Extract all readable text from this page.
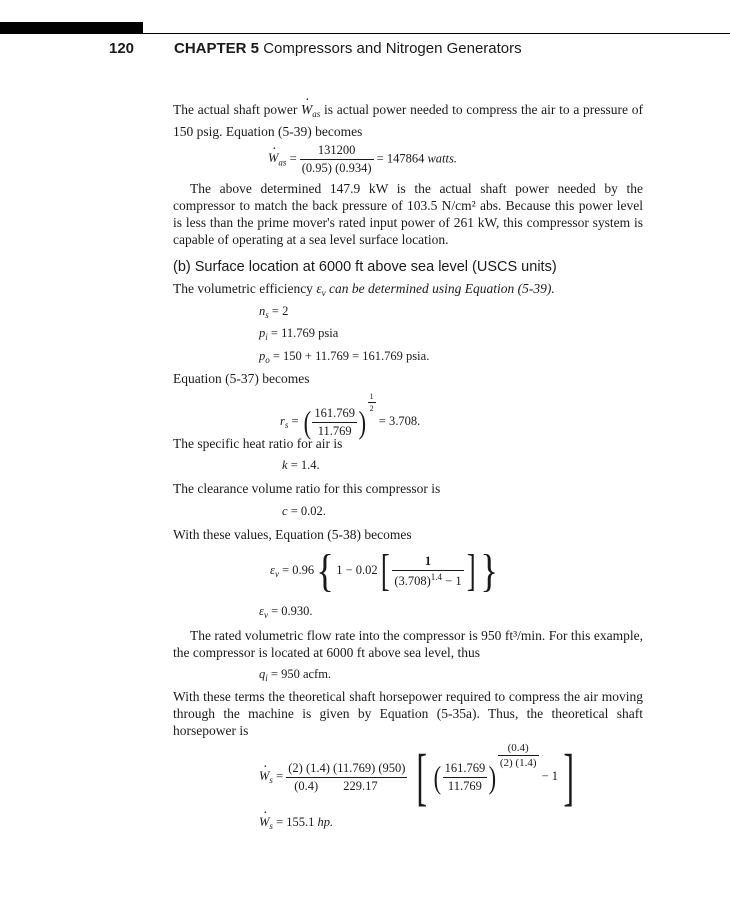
120	CHAPTER 5 Compressors and Nitrogen Generators
The actual shaft power · $W_{as}$ is actual power needed to compress the air to a pressure of 150 psig. Equation (5-39) becomes
· $W_{as} = \frac{131200}{(0.95) (0.934)} = 147864$ watts.
The above determined 147.9 kW is the actual shaft power needed by the compressor to match the back pressure of 103.5 N/cm² abs. Because this power level is less than the prime mover's rated input power of 261 kW, this compressor system is capable of operating at a sea level surface location.
(b) Surface location at 6000 ft above sea level (USCS units)
The volumetric efficiency $\varepsilon_v$ can be determined using Equation (5-39).
$n_s = 2$
$p_i = 11.769$ psia
$p_o = 150 + 11.769 = 161.769$ psia.
Equation (5-37) becomes
$r_s$ = ( $\frac{161.769}{11.769}$ )
$\frac{1}{2}$
= 3.708.
The specific heat ratio for air is
k = 1.4.
The clearance volume ratio for this compressor is
c = 0.02.
With these values, Equation (5-38) becomes
$\varepsilon_v = 0.96${ $1 - 0.02[ \frac{1}{(3.708)^{1.4} - 1}$ ] }
$\varepsilon_v = 0.930$.
The rated volumetric flow rate into the compressor is 950 ft³/min. For this example, the compressor is located at 6000 ft above sea level, thus
$q_i = 950$ acfm.
With these terms the theoretical shaft horsepower required to compress the air moving through the machine is given by Equation (5-35a). Thus, the theoretical shaft horsepower is
· $W_s = \frac{(2) (1.4) (11.769) (950)}{(0.4) 229.17}$ [ ( $\frac{161.769}{11.769}$ )
$\frac{(0.4)}{(2) (1.4)}$
− 1]
· $W_s = 155.1$ hp.
